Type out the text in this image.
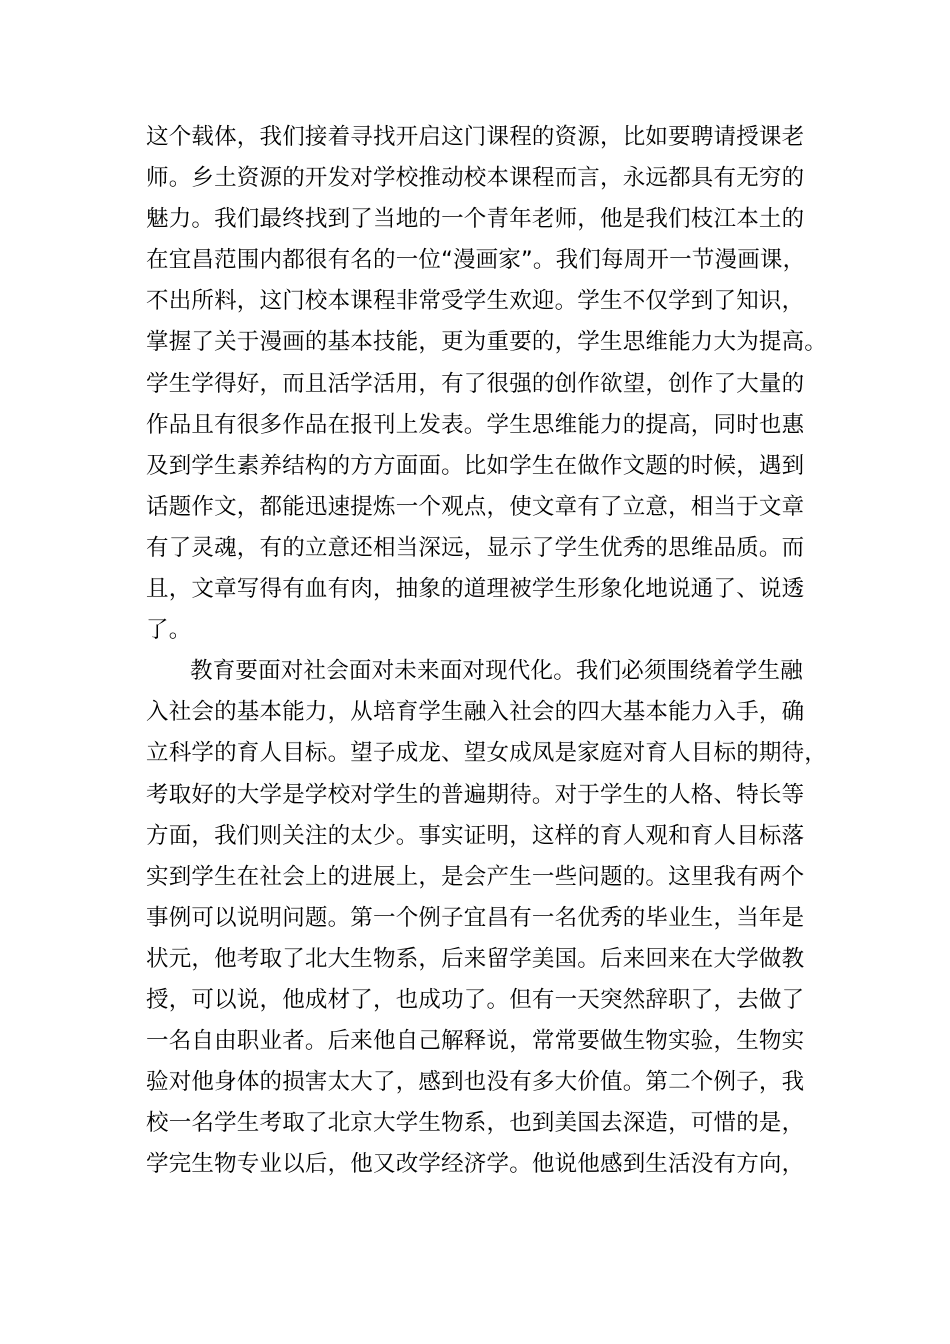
这个载体，我们接着寻找开启这门课程的资源，比如要聘请授课老
师。乡土资源的开发对学校推动校本课程而言，永远都具有无穷的
魅力。我们最终找到了当地的一个青年老师，他是我们枝江本土的
在宜昌范围内都很有名的一位“漫画家”。我们每周开一节漫画课，
不出所料，这门校本课程非常受学生欢迎。学生不仅学到了知识，
掌握了关于漫画的基本技能，更为重要的，学生思维能力大为提高。
学生学得好，而且活学活用，有了很强的创作欲望，创作了大量的
作品且有很多作品在报刊上发表。学生思维能力的提高，同时也惠
及到学生素养结构的方方面面。比如学生在做作文题的时候，遇到
话题作文，都能迅速提炼一个观点，使文章有了立意，相当于文章
有了灵魂，有的立意还相当深远，显示了学生优秀的思维品质。而
且，文章写得有血有肉，抽象的道理被学生形象化地说通了、说透
了。
教育要面对社会面对未来面对现代化。我们必须围绕着学生融
入社会的基本能力，从培育学生融入社会的四大基本能力入手，确
立科学的育人目标。望子成龙、望女成凤是家庭对育人目标的期待，
考取好的大学是学校对学生的普遍期待。对于学生的人格、特长等
方面，我们则关注的太少。事实证明，这样的育人观和育人目标落
实到学生在社会上的进展上，是会产生一些问题的。这里我有两个
事例可以说明问题。第一个例子宜昌有一名优秀的毕业生，当年是
状元，他考取了北大生物系，后来留学美国。后来回来在大学做教
授，可以说，他成材了，也成功了。但有一天突然辞职了，去做了
一名自由职业者。后来他自己解释说，常常要做生物实验，生物实
验对他身体的损害太大了，感到也没有多大价值。第二个例子，我
校一名学生考取了北京大学生物系，也到美国去深造，可惜的是，
学完生物专业以后，他又改学经济学。他说他感到生活没有方向，
